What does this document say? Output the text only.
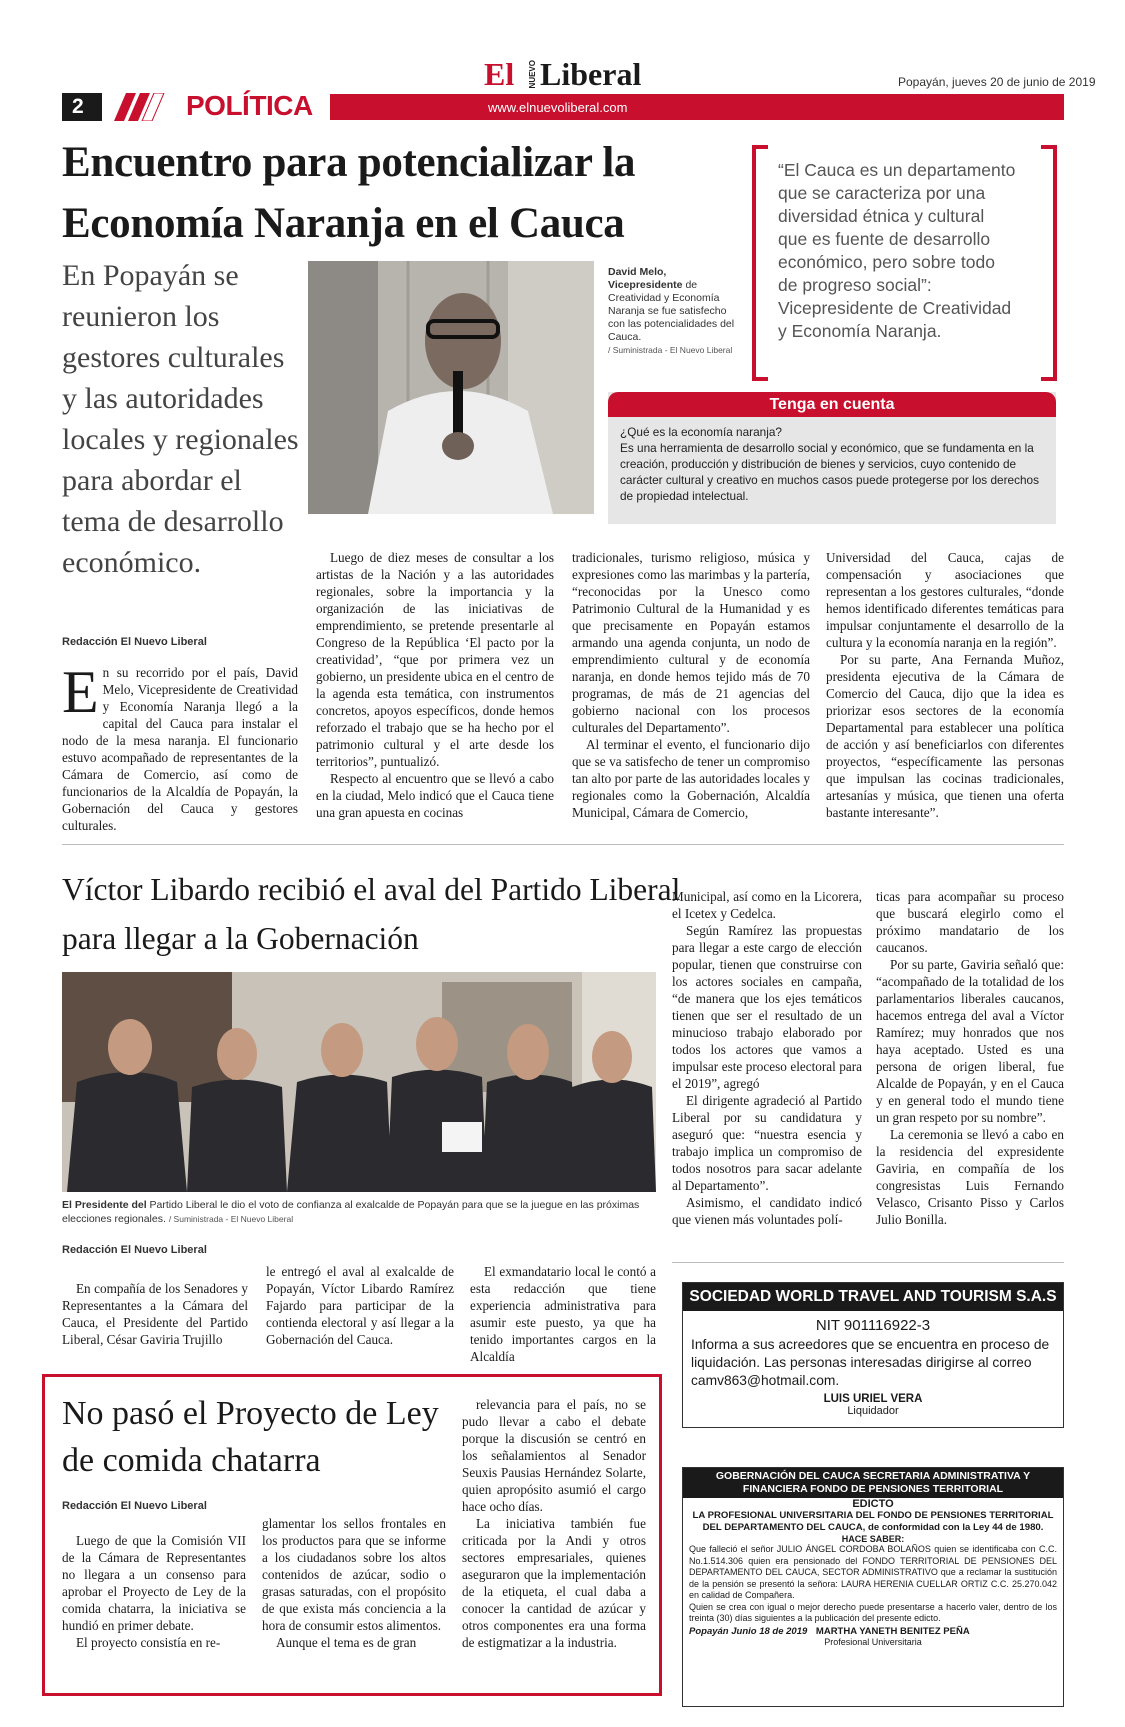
2	POLÍTICA	www.elnuevoliberal.com
El NUEVO Liberal	Popayán, jueves 20 de junio de 2019
Encuentro para potencializar la Economía Naranja en el Cauca
En Popayán se reunieron los gestores culturales y las autoridades locales y regionales para abordar el tema de desarrollo económico.
David Melo, Vicepresidente de Creatividad y Economía Naranja se fue satisfecho con las potencialidades del Cauca.
/ Suministrada - El Nuevo Liberal
“El Cauca es un departamento que se caracteriza por una diversidad étnica y cultural que es fuente de desarrollo económico, pero sobre todo de progreso social”: Vicepresidente de Creatividad y Economía Naranja.
Tenga en cuenta
¿Qué es la economía naranja?
Es una herramienta de desarrollo social y económico, que se fundamenta en la creación, producción y distribución de bienes y servicios, cuyo contenido de carácter cultural y creativo en muchos casos puede protegerse por los derechos de propiedad intelectual.
Redacción El Nuevo Liberal
E n su recorrido por el país, David Melo, Vicepresidente de Creatividad y Economía Naranja llegó a la capital del Cauca para instalar el nodo de la mesa naranja. El funcionario estuvo acompañado de representantes de la Cámara de Comercio, así como de funcionarios de la Alcaldía de Popayán, la Gobernación del Cauca y gestores culturales.

Luego de diez meses de consultar a los artistas de la Nación y a las autoridades regionales, sobre la importancia y la organización de las iniciativas de emprendimiento, se pretende presentarle al Congreso de la República ‘El pacto por la creatividad’, “que por primera vez un gobierno, un presidente ubica en el centro de la agenda esta temática, con instrumentos concretos, apoyos específicos, donde hemos reforzado el trabajo que se ha hecho por el patrimonio cultural y el arte desde los territorios”, puntualizó.

Respecto al encuentro que se llevó a cabo en la ciudad, Melo indicó que el Cauca tiene una gran apuesta en cocinas

tradicionales, turismo religioso, música y expresiones como las marimbas y la partería, “reconocidas por la Unesco como Patrimonio Cultural de la Humanidad y es que precisamente en Popayán estamos armando una agenda conjunta, un nodo de emprendimiento cultural y de economía naranja, en donde hemos tejido más de 70 programas, de más de 21 agencias del gobierno nacional con los procesos culturales del Departamento”.

Al terminar el evento, el funcionario dijo que se va satisfecho de tener un compromiso tan alto por parte de las autoridades locales y regionales como la Gobernación, Alcaldía Municipal, Cámara de Comercio,

Universidad del Cauca, cajas de compensación y asociaciones que representan a los gestores culturales, “donde hemos identificado diferentes temáticas para impulsar conjuntamente el desarrollo de la cultura y la economía naranja en la región”.

Por su parte, Ana Fernanda Muñoz, presidenta ejecutiva de la Cámara de Comercio del Cauca, dijo que la idea es priorizar esos sectores de la economía Departamental para establecer una política de acción y así beneficiarlos con diferentes proyectos, “específicamente las personas que impulsan las cocinas tradicionales, artesanías y música, que tienen una oferta bastante interesante”.

Víctor Libardo recibió el aval del Partido Liberal para llegar a la Gobernación
El Presidente del Partido Liberal le dio el voto de confianza al exalcalde de Popayán para que se la juegue en las próximas elecciones regionales. / Suministrada - El Nuevo Liberal
Redacción El Nuevo Liberal

En compañía de los Senadores y Representantes a la Cámara del Cauca, el Presidente del Partido Liberal, César Gaviria Trujillo

le entregó el aval al exalcalde de Popayán, Víctor Libardo Ramírez Fajardo para participar de la contienda electoral y así llegar a la Gobernación del Cauca.

El exmandatario local le contó a esta redacción que tiene experiencia administrativa para asumir este puesto, ya que ha tenido importantes cargos en la Alcaldía

Municipal, así como en la Licorera, el Icetex y Cedelca.

Según Ramírez las propuestas para llegar a este cargo de elección popular, tienen que construirse con los actores sociales en campaña, “de manera que los ejes temáticos tienen que ser el resultado de un minucioso trabajo elaborado por todos los actores que vamos a impulsar este proceso electoral para el 2019”, agregó

El dirigente agradeció al Partido Liberal por su candidatura y aseguró que: “nuestra esencia y trabajo implica un compromiso de todos nosotros para sacar adelante al Departamento”.

Asimismo, el candidato indicó que vienen más voluntades polí-

ticas para acompañar su proceso que buscará elegirlo como el próximo mandatario de los caucanos.

Por su parte, Gaviria señaló que: “acompañado de la totalidad de los parlamentarios liberales caucanos, hacemos entrega del aval a Víctor Ramírez; muy honrados que nos haya aceptado. Usted es una persona de origen liberal, fue Alcalde de Popayán, y en el Cauca y en general todo el mundo tiene un gran respeto por su nombre”.

La ceremonia se llevó a cabo en la residencia del expresidente Gaviria, en compañía de los congresistas Luis Fernando Velasco, Crisanto Pisso y Carlos Julio Bonilla.

No pasó el Proyecto de Ley de comida chatarra
Redacción El Nuevo Liberal

Luego de que la Comisión VII de la Cámara de Representantes no llegara a un consenso para aprobar el Proyecto de Ley de la comida chatarra, la iniciativa se hundió en primer debate.

El proyecto consistía en re-

glamentar los sellos frontales en los productos para que se informe a los ciudadanos sobre los altos contenidos de azúcar, sodio o grasas saturadas, con el propósito de que exista más conciencia a la hora de consumir estos alimentos.

Aunque el tema es de gran

relevancia para el país, no se pudo llevar a cabo el debate porque la discusión se centró en los señalamientos al Senador Seuxis Pausias Hernández Solarte, quien apropósito asumió el cargo hace ocho días.

La iniciativa también fue criticada por la Andi y otros sectores empresariales, quienes aseguraron que la implementación de la etiqueta, el cual daba a conocer la cantidad de azúcar y otros componentes era una forma de estigmatizar a la industria.

SOCIEDAD WORLD TRAVEL AND TOURISM S.A.S
NIT 901116922-3
Informa a sus acreedores que se encuentra en proceso de liquidación. Las personas interesadas dirigirse al correo camv863@hotmail.com.
LUIS URIEL VERA
Liquidador
GOBERNACIÓN DEL CAUCA SECRETARIA ADMINISTRATIVA Y FINANCIERA FONDO DE PENSIONES TERRITORIAL
EDICTO
LA PROFESIONAL UNIVERSITARIA DEL FONDO DE PENSIONES TERRITORIAL DEL DEPARTAMENTO DEL CAUCA, de conformidad con la Ley 44 de 1980.
HACE SABER:
Que falleció el señor JULIO ÁNGEL CORDOBA BOLAÑOS quien se identificaba con C.C. No.1.514.306 quien era pensionado del FONDO TERRITORIAL DE PENSIONES DEL DEPARTAMENTO DEL CAUCA, SECTOR ADMINISTRATIVO que a reclamar la sustitución de la pensión se presentó la señora: LAURA HERENIA CUELLAR ORTIZ C.C. 25.270.042 en calidad de Compañera.
Quien se crea con igual o mejor derecho puede presentarse a hacerlo valer, dentro de los treinta (30) días siguientes a la publicación del presente edicto.
Popayán Junio 18 de 2019 MARTHA YANETH BENITEZ PEÑA
Profesional Universitaria
